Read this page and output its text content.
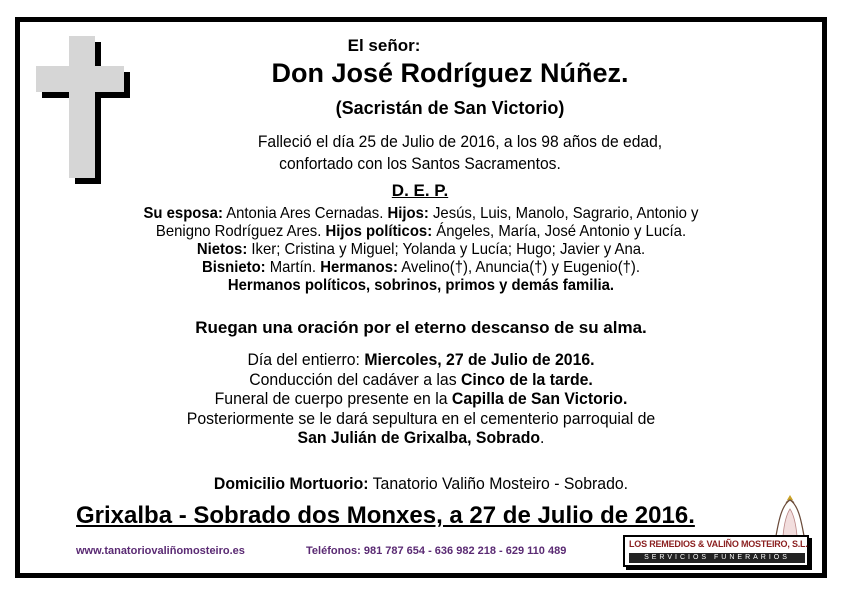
El señor:
Don José Rodríguez Núñez.
(Sacristán de San Victorio)
Falleció el día 25 de Julio de 2016, a los 98 años de edad,
confortado con los Santos Sacramentos.
D. E. P.
Su esposa: Antonia Ares Cernadas. Hijos: Jesús, Luis, Manolo, Sagrario, Antonio y
Benigno Rodríguez Ares. Hijos políticos: Ángeles, María, José Antonio y Lucía.
Nietos: Iker; Cristina y Miguel; Yolanda y Lucía; Hugo; Javier y Ana.
Bisnieto: Martín. Hermanos: Avelino(†), Anuncia(†) y Eugenio(†).
Hermanos políticos, sobrinos, primos y demás familia.
Ruegan una oración por el eterno descanso de su alma.
Día del entierro: Miercoles, 27 de Julio de 2016.
Conducción del cadáver a las Cinco de la tarde.
Funeral de cuerpo presente en la Capilla de San Victorio.
Posteriormente se le dará sepultura en el cementerio parroquial de
San Julián de Grixalba, Sobrado.
Domicilio Mortuorio: Tanatorio Valiño Mosteiro - Sobrado.
Grixalba - Sobrado dos Monxes, a 27 de Julio de 2016.
www.tanatoriovaliñomosteiro.es	Teléfonos: 981 787 654 - 636 982 218 - 629 110 489
LOS REMEDIOS & VALIÑO MOSTEIRO, S.L.
SERVICIOS FUNERARIOS
